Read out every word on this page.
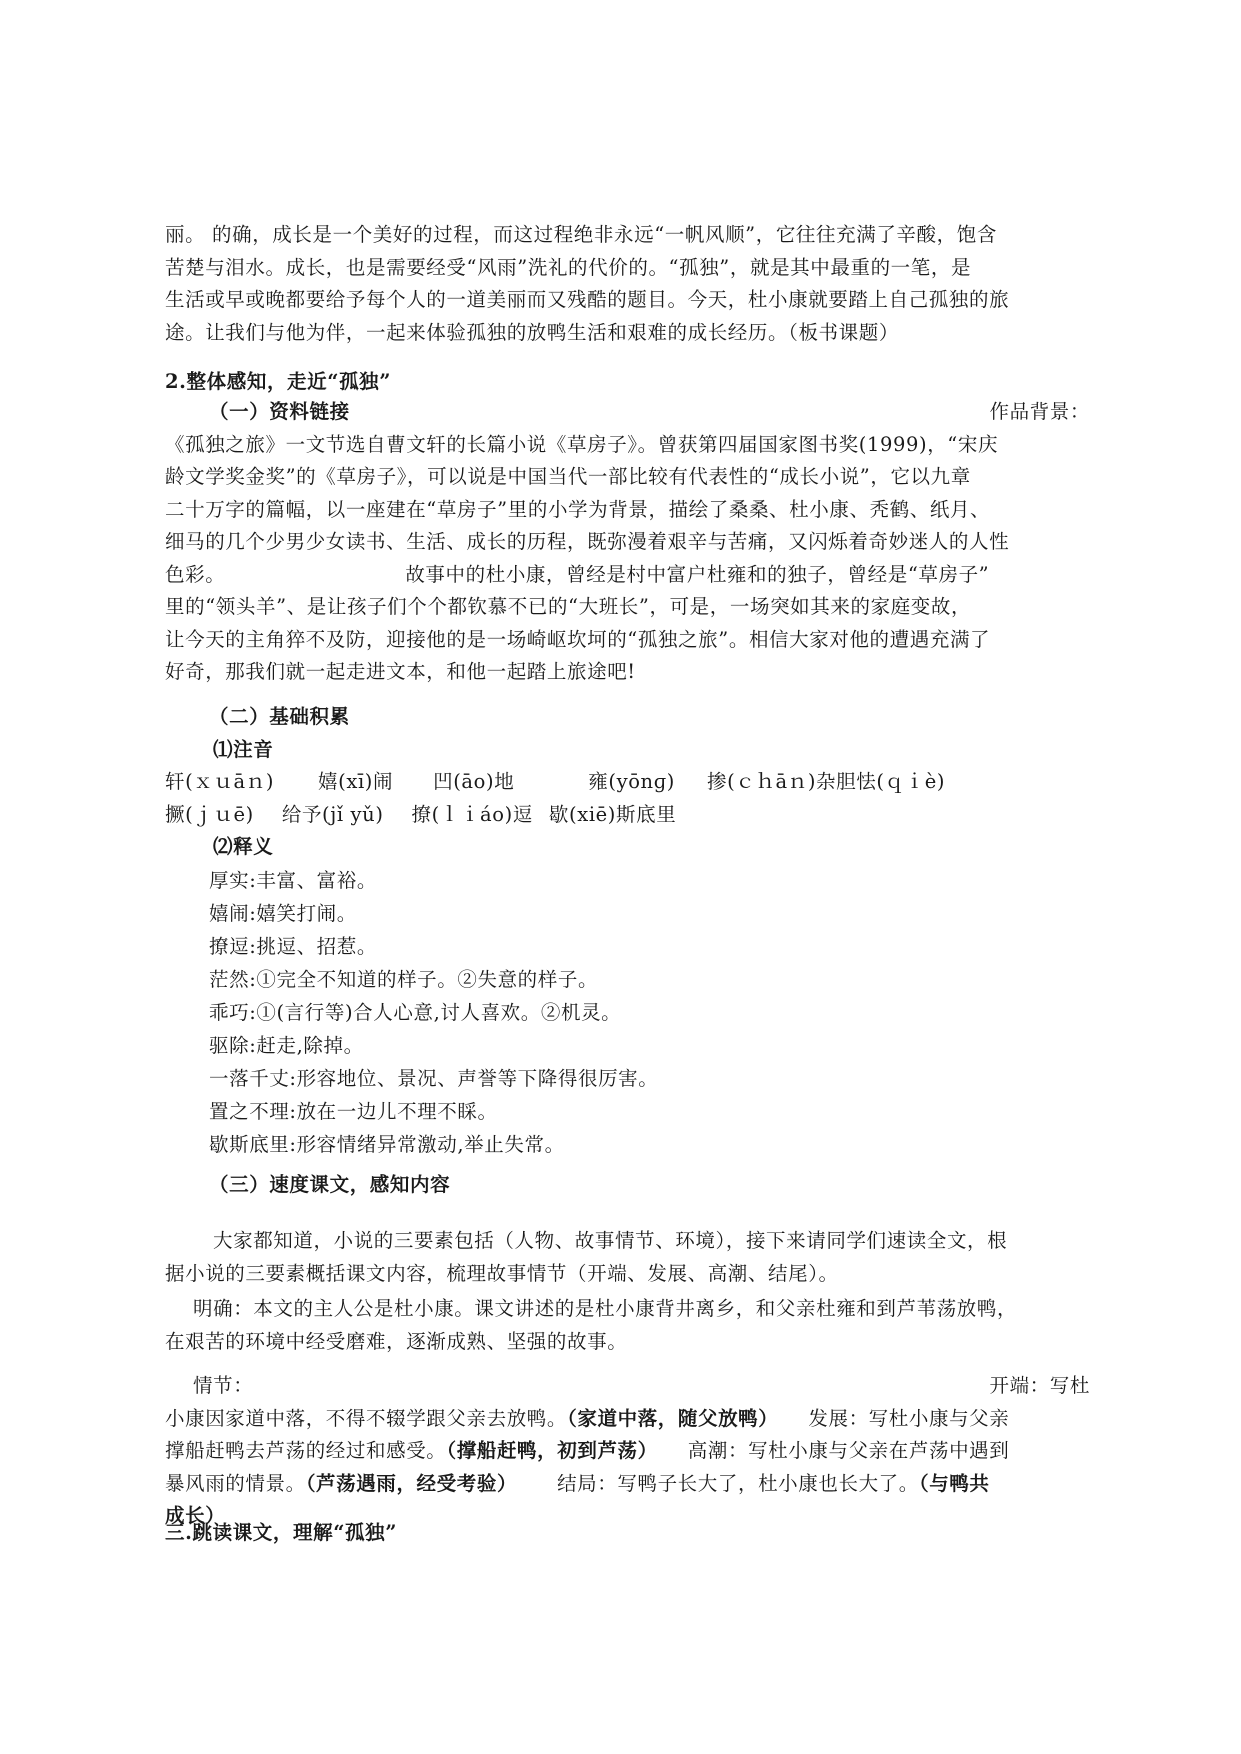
丽。 的确，成长是一个美好的过程，而这过程绝非永远“一帆风顺”，它往往充满了辛酸，饱含
苦楚与泪水。成长，也是需要经受“风雨”洗礼的代价的。“孤独”，就是其中最重的一笔，是
生活或早或晚都要给予每个人的一道美丽而又残酷的题目。今天，杜小康就要踏上自己孤独的旅
途。让我们与他为伴，一起来体验孤独的放鸭生活和艰难的成长经历。（板书课题）
2.整体感知，走近“孤独”
（一）资料链接	作品背景：
《孤独之旅》一文节选自曹文轩的长篇小说《草房子》。曾获第四届国家图书奖(1999)，“宋庆
龄文学奖金奖”的《草房子》，可以说是中国当代一部比较有代表性的“成长小说”，它以九章
二十万字的篇幅，以一座建在“草房子”里的小学为背景，描绘了桑桑、杜小康、秃鹤、纸月、
细马的几个少男少女读书、生活、成长的历程，既弥漫着艰辛与苦痛，又闪烁着奇妙迷人的人性
色彩。	故事中的杜小康，曾经是村中富户杜雍和的独子，曾经是“草房子”
里的“领头羊”、是让孩子们个个都钦慕不已的“大班长”，可是，一场突如其来的家庭变故，
让今天的主角猝不及防，迎接他的是一场崎岖坎坷的“孤独之旅”。相信大家对他的遭遇充满了
好奇，那我们就一起走进文本，和他一起踏上旅途吧!
（二）基础积累
⑴注音
轩(ｘｕāｎ) 嬉(xī)闹 凹(āo)地	雍(yōnɡ) 掺(ｃｈāｎ)杂胆怯(ｑｉè)
撅(ｊｕē) 给予(jǐ yǔ) 撩(ｌｉáo)逗 歇(xiē)斯底里
⑵释义
厚实:丰富、富裕。
嬉闹:嬉笑打闹。
撩逗:挑逗、招惹。
茫然:①完全不知道的样子。②失意的样子。
乖巧:①(言行等)合人心意,讨人喜欢。②机灵。
驱除:赶走,除掉。
一落千丈:形容地位、景况、声誉等下降得很厉害。
置之不理:放在一边儿不理不睬。
歇斯底里:形容情绪异常激动,举止失常。
（三）速度课文，感知内容
大家都知道，小说的三要素包括（人物、故事情节、环境），接下来请同学们速读全文，根
据小说的三要素概括课文内容，梳理故事情节（开端、发展、高潮、结尾）。
明确：本文的主人公是杜小康。课文讲述的是杜小康背井离乡，和父亲杜雍和到芦苇荡放鸭，
在艰苦的环境中经受磨难，逐渐成熟、坚强的故事。
情节：	开端：写杜
小康因家道中落，不得不辍学跟父亲去放鸭。（家道中落，随父放鸭） 发展：写杜小康与父亲
撑船赶鸭去芦荡的经过和感受。（撑船赶鸭，初到芦荡） 高潮：写杜小康与父亲在芦荡中遇到
暴风雨的情景。（芦荡遇雨，经受考验） 结局：写鸭子长大了，杜小康也长大了。（与鸭共
成长）
三.跳读课文，理解“孤独”
